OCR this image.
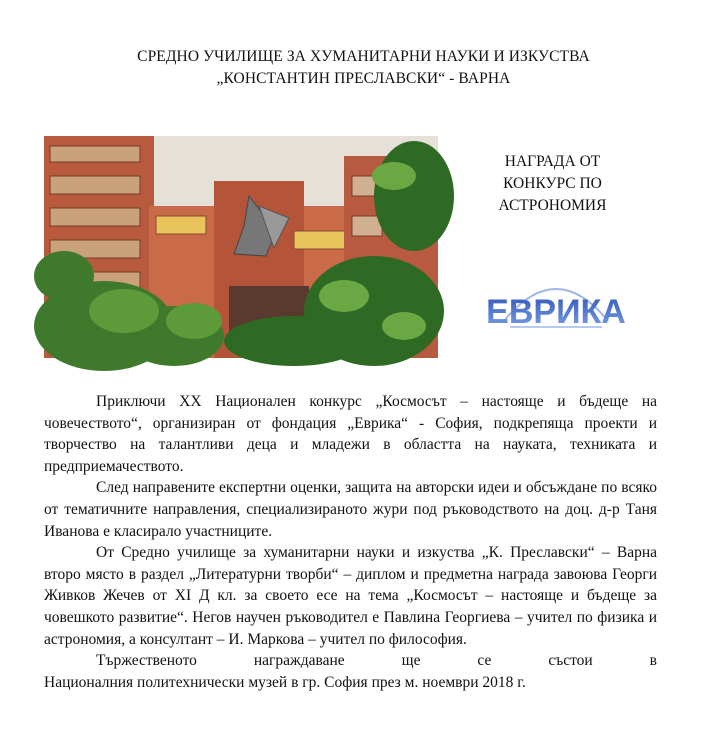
СРЕДНО УЧИЛИЩЕ ЗА ХУМАНИТАРНИ НАУКИ И ИЗКУСТВА
„КОНСТАНТИН ПРЕСЛАВСКИ“ - ВАРНА
НАГРАДА ОТ
КОНКУРС ПО
АСТРОНОМИЯ
ЕВРИКА

Приключи XX Национален конкурс „Космосът – настояще и бъдеще на човечеството“, организиран от фондация „Еврика“ - София, подкрепяща проекти и творчество на талантливи деца и младежи в областта на науката, техниката и предприемачеството.

След направените експертни оценки, защита на авторски идеи и обсъждане по всяко от тематичните направления, специализираното жури под ръководството на доц. д-р Таня Иванова е класирало участниците.

От Средно училище за хуманитарни науки и изкуства „К. Преславски“ – Варна второ място в раздел „Литературни творби“ – диплом и предметна награда завоюва Георги Живков Жечев от XI Д кл. за своето есе на тема „Космосът – настояще и бъдеще за човешкото развитие“. Негов научен ръководител е Павлина Георгиева – учител по физика и астрономия, а консултант – И. Маркова – учител по философия.

Тържественото награждаване ще се състои в

Националния политехнически музей в гр. София през м. ноември 2018 г.
